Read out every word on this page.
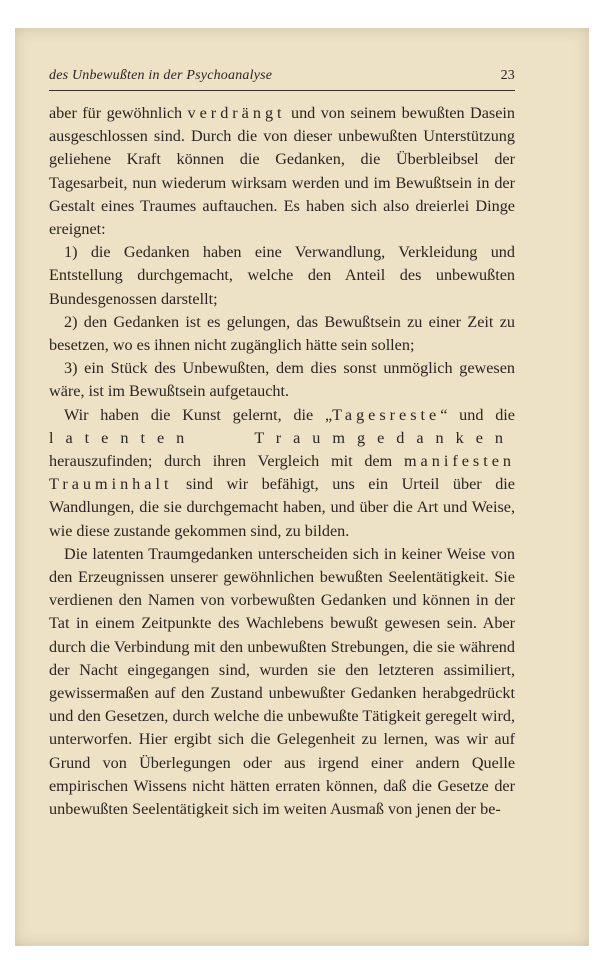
des Unbewußten in der Psychoanalyse	23

aber für gewöhnlich verdrängt und von seinem bewußten Dasein ausgeschlossen sind. Durch die von dieser unbewußten Unterstützung geliehene Kraft können die Gedanken, die Überbleibsel der Tagesarbeit, nun wiederum wirksam werden und im Bewußtsein in der Gestalt eines Traumes auftauchen. Es haben sich also dreierlei Dinge ereignet:

1) die Gedanken haben eine Verwandlung, Verkleidung und Entstellung durchgemacht, welche den Anteil des unbewußten Bundesgenossen darstellt;

2) den Gedanken ist es gelungen, das Bewußtsein zu einer Zeit zu besetzen, wo es ihnen nicht zugänglich hätte sein sollen;

3) ein Stück des Unbewußten, dem dies sonst unmöglich gewesen wäre, ist im Bewußtsein aufgetaucht.

Wir haben die Kunst gelernt, die „Tagesreste“ und die latenten Traumgedanken herauszufinden; durch ihren Vergleich mit dem manifesten Trauminhalt sind wir befähigt, uns ein Urteil über die Wandlungen, die sie durchgemacht haben, und über die Art und Weise, wie diese zustande gekommen sind, zu bilden.

Die latenten Traumgedanken unterscheiden sich in keiner Weise von den Erzeugnissen unserer gewöhnlichen bewußten Seelentätigkeit. Sie verdienen den Namen von vorbewußten Gedanken und können in der Tat in einem Zeitpunkte des Wachlebens bewußt gewesen sein. Aber durch die Verbindung mit den unbewußten Strebungen, die sie während der Nacht eingegangen sind, wurden sie den letzteren assimiliert, gewissermaßen auf den Zustand unbewußter Gedanken herabgedrückt und den Gesetzen, durch welche die unbewußte Tätigkeit geregelt wird, unterworfen. Hier ergibt sich die Gelegenheit zu lernen, was wir auf Grund von Überlegungen oder aus irgend einer andern Quelle empirischen Wissens nicht hätten erraten können, daß die Gesetze der unbewußten Seelentätigkeit sich im weiten Ausmaß von jenen der be-
